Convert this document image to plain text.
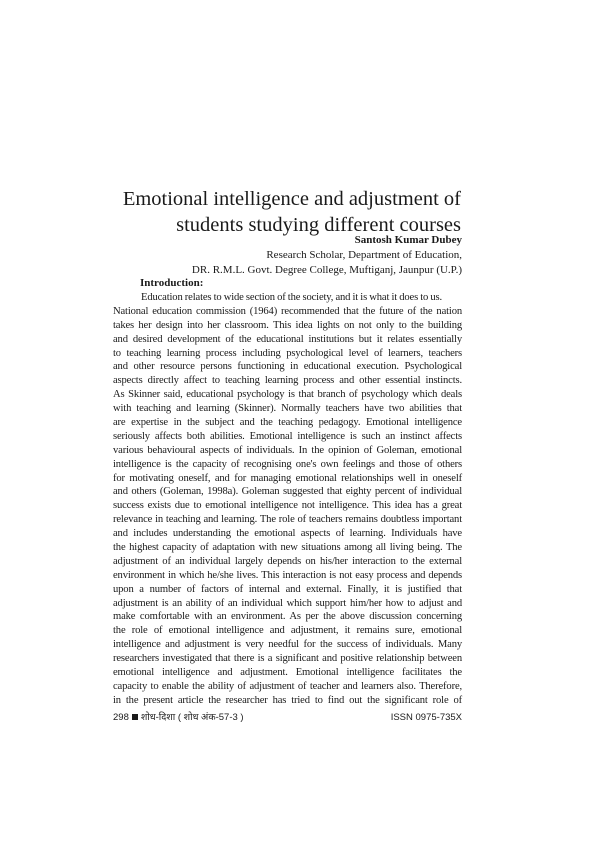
Emotional intelligence and adjustment of
students studying different courses
Santosh Kumar Dubey
Research Scholar, Department of Education,
DR. R.M.L. Govt. Degree College, Muftiganj, Jaunpur (U.P.)
Introduction:
Education relates to wide section of the society, and it is what it does to us.
National education commission (1964) recommended that the future of the nation
takes her design into her classroom. This idea lights on not only to the building
and desired development of the educational institutions but it relates essentially
to teaching learning process including psychological level of learners, teachers
and other resource persons functioning in educational execution. Psychological
aspects directly affect to teaching learning process and other essential instincts.
As Skinner said, educational psychology is that branch of psychology which deals
with teaching and learning (Skinner). Normally teachers have two abilities that
are expertise in the subject and the teaching pedagogy. Emotional intelligence
seriously affects both abilities. Emotional intelligence is such an instinct affects
various behavioural aspects of individuals. In the opinion of Goleman, emotional
intelligence is the capacity of recognising one's own feelings and those of others
for motivating oneself, and for managing emotional relationships well in oneself
and others (Goleman, 1998a). Goleman suggested that eighty percent of individual
success exists due to emotional intelligence not intelligence. This idea has a great
relevance in teaching and learning. The role of teachers remains doubtless important
and includes understanding the emotional aspects of learning. Individuals have
the highest capacity of adaptation with new situations among all living being. The
adjustment of an individual largely depends on his/her interaction to the external
environment in which he/she lives. This interaction is not easy process and depends
upon a number of factors of internal and external. Finally, it is justified that
adjustment is an ability of an individual which support him/her how to adjust and
make comfortable with an environment. As per the above discussion concerning
the role of emotional intelligence and adjustment, it remains sure, emotional
intelligence and adjustment is very needful for the success of individuals. Many
researchers investigated that there is a significant and positive relationship between
emotional intelligence and adjustment. Emotional intelligence facilitates the
capacity to enable the ability of adjustment of teacher and learners also. Therefore,
in the present article the researcher has tried to find out the significant role of
298 शोध-दिशा ( शोध अंक-57-3 )	ISSN 0975-735X
